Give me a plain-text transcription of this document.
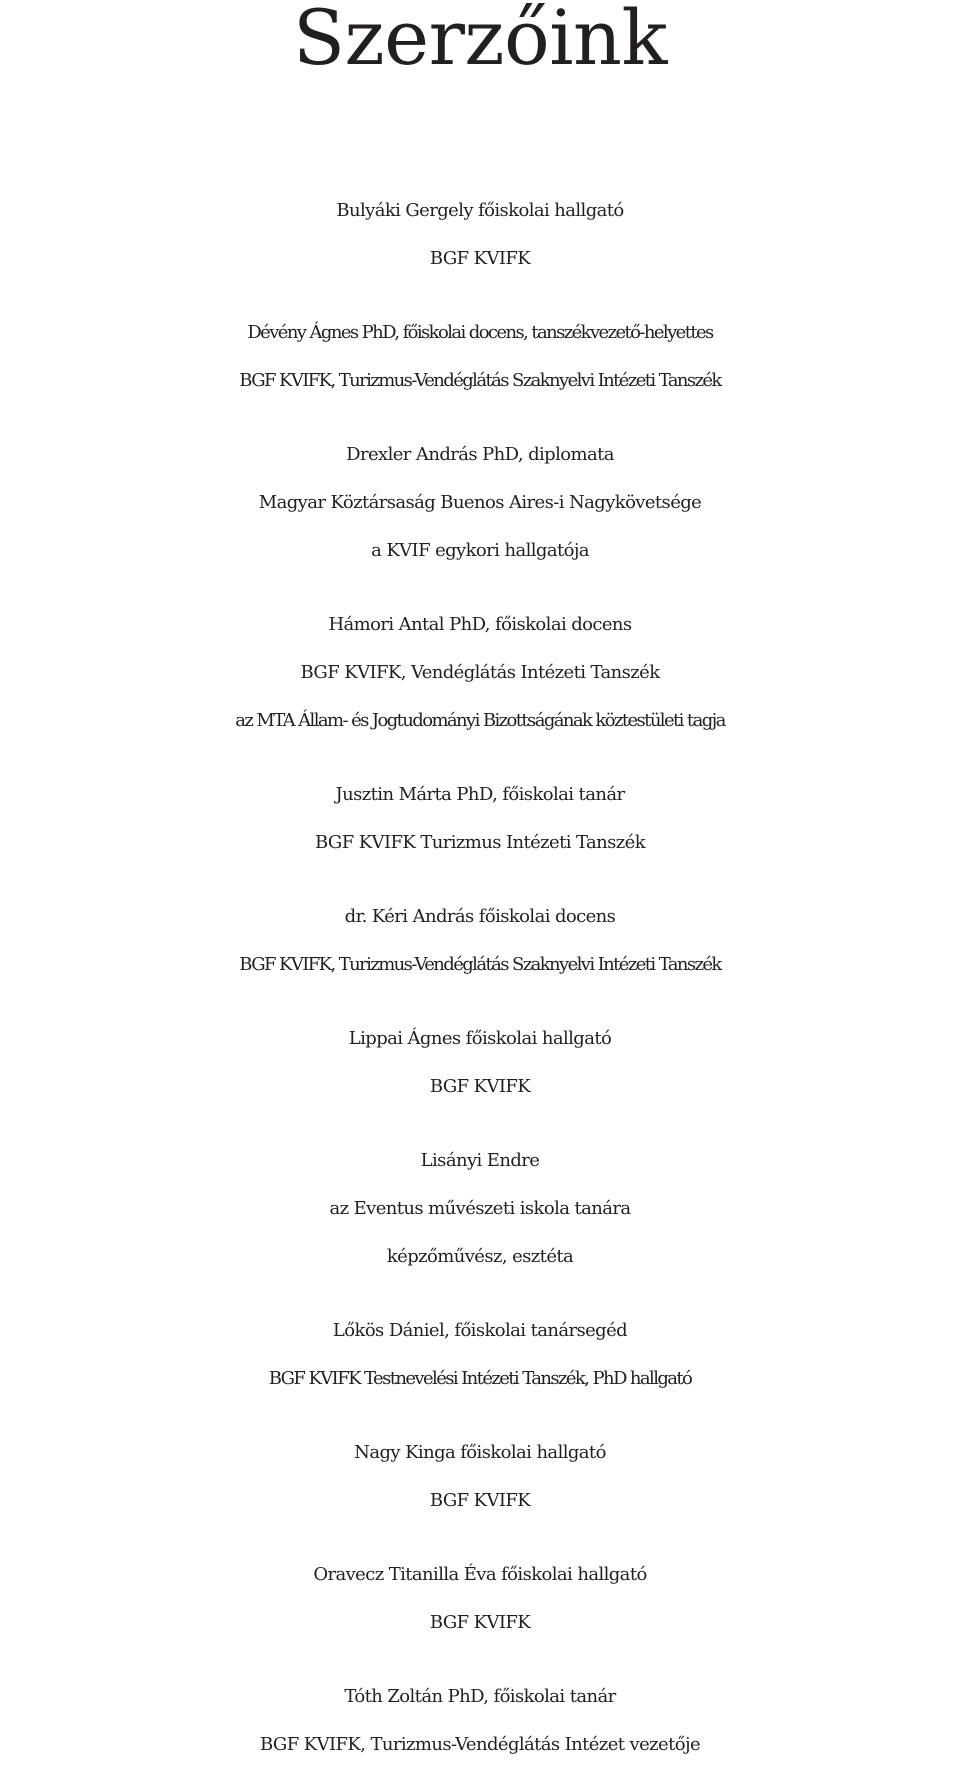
Szerzőink
Bulyáki Gergely főiskolai hallgató
BGF KVIFK
Dévény Ágnes PhD, főiskolai docens, tanszékvezető-helyettes
BGF KVIFK, Turizmus-Vendéglátás Szaknyelvi Intézeti Tanszék
Drexler András PhD, diplomata
Magyar Köztársaság Buenos Aires-i Nagykövetsége
a KVIF egykori hallgatója
Hámori Antal PhD, főiskolai docens
BGF KVIFK, Vendéglátás Intézeti Tanszék
az MTA Állam- és Jogtudományi Bizottságának köztestületi tagja
Jusztin Márta PhD, főiskolai tanár
BGF KVIFK Turizmus Intézeti Tanszék
dr. Kéri András főiskolai docens
BGF KVIFK, Turizmus-Vendéglátás Szaknyelvi Intézeti Tanszék
Lippai Ágnes főiskolai hallgató
BGF KVIFK
Lisányi Endre
az Eventus művészeti iskola tanára
képzőművész, esztéta
Lőkös Dániel, főiskolai tanársegéd
BGF KVIFK Testnevelési Intézeti Tanszék, PhD hallgató
Nagy Kinga főiskolai hallgató
BGF KVIFK
Oravecz Titanilla Éva főiskolai hallgató
BGF KVIFK
Tóth Zoltán PhD, főiskolai tanár
BGF KVIFK, Turizmus-Vendéglátás Intézet vezetője
